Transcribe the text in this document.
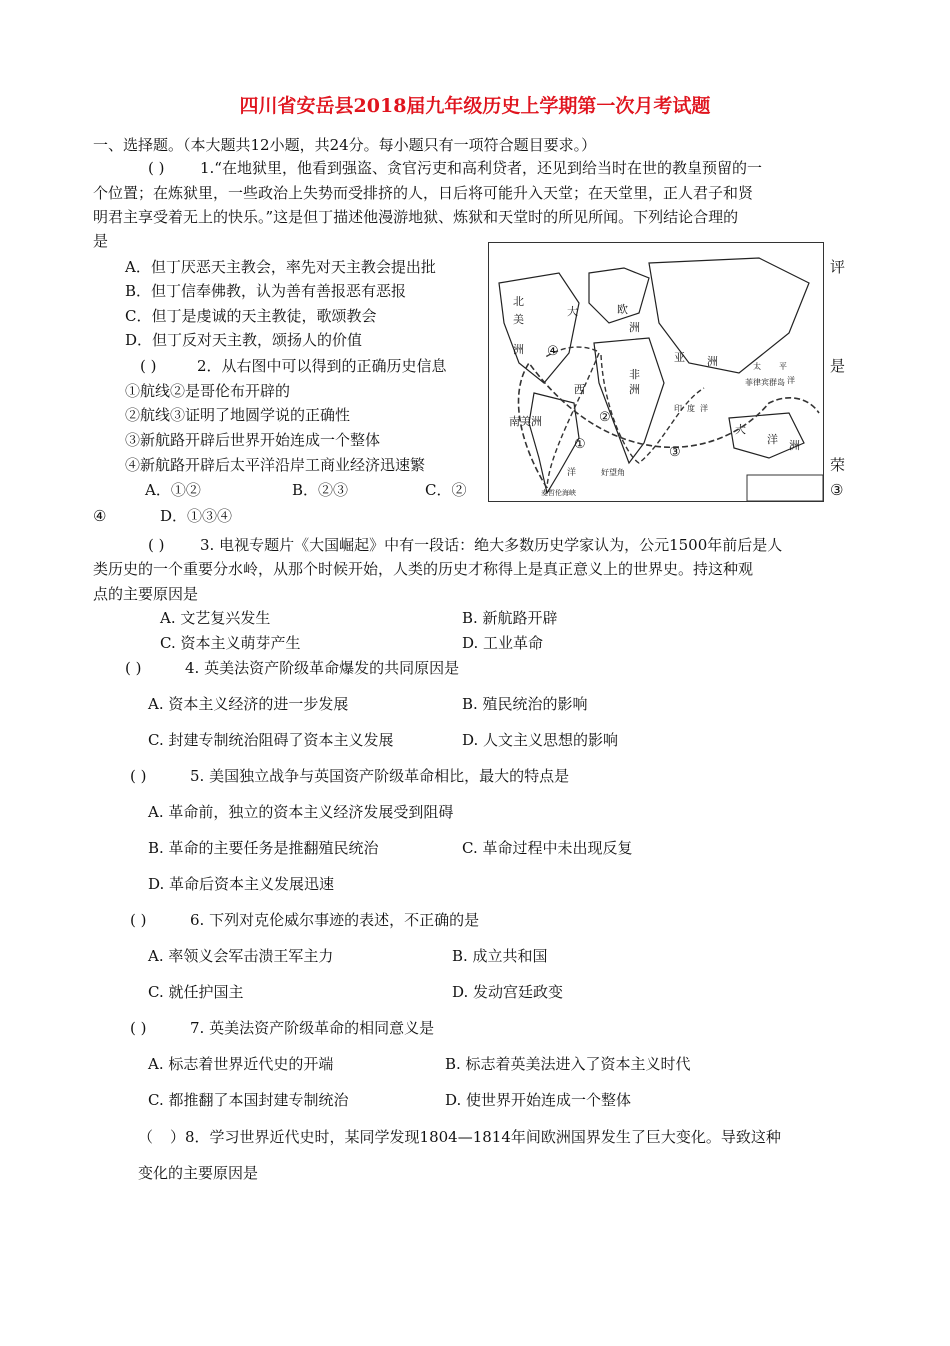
四川省安岳县2018届九年级历史上学期第一次月考试题
一、选择题。（本大题共12小题，共24分。每小题只有一项符合题目要求。）
( ) 1.“在地狱里，他看到强盗、贪官污吏和高利贷者，还见到给当时在世的教皇预留的一
个位置；在炼狱里，一些政治上失势而受排挤的人，日后将可能升入天堂；在天堂里，正人君子和贤
明君主享受着无上的快乐。”这是但丁描述他漫游地狱、炼狱和天堂时的所见所闻。下列结论合理的
是
A．但丁厌恶天主教会，率先对天主教会提出批	评
B．但丁信奉佛教，认为善有善报恶有恶报
C．但丁是虔诚的天主教徒，歌颂教会
D．但丁反对天主教，颂扬人的价值
( )	2．从右图中可以得到的正确历史信息	是
①航线②是哥伦布开辟的
②航线③证明了地圆学说的正确性
③新航路开辟后世界开始连成一个整体
④新航路开辟后太平洋沿岸工商业经济迅速繁	荣
A．①②	B．②③	C．②	③
④	D．①③④
北
美
洲
大	欧
洲
亚 洲	太 平
洋
菲律宾群岛
非
洲
西
印 度 洋
南美洲
大
洋 洲
好望角
洋
麦哲伦海峡
①
②
③
④
( ) 3. 电视专题片《大国崛起》中有一段话：绝大多数历史学家认为，公元1500年前后是人
类历史的一个重要分水岭，从那个时候开始，人类的历史才称得上是真正意义上的世界史。持这种观
点的主要原因是
A. 文艺复兴发生	B. 新航路开辟
C. 资本主义萌芽产生	D. 工业革命
( )	4. 英美法资产阶级革命爆发的共同原因是
A. 资本主义经济的进一步发展	B. 殖民统治的影响
C. 封建专制统治阻碍了资本主义发展	D. 人文主义思想的影响
( )	5. 美国独立战争与英国资产阶级革命相比，最大的特点是
A. 革命前，独立的资本主义经济发展受到阻碍
B. 革命的主要任务是推翻殖民统治	C. 革命过程中未出现反复
D. 革命后资本主义发展迅速
( )	6. 下列对克伦威尔事迹的表述，不正确的是
A. 率领义会军击溃王军主力	B. 成立共和国
C. 就任护国主	D. 发动宫廷政变
( )	7. 英美法资产阶级革命的相同意义是
A. 标志着世界近代史的开端	B. 标志着英美法进入了资本主义时代
C. 都推翻了本国封建专制统治	D. 使世界开始连成一个整体
（ ）8．学习世界近代史时，某同学发现1804—1814年间欧洲国界发生了巨大变化。导致这种
变化的主要原因是
